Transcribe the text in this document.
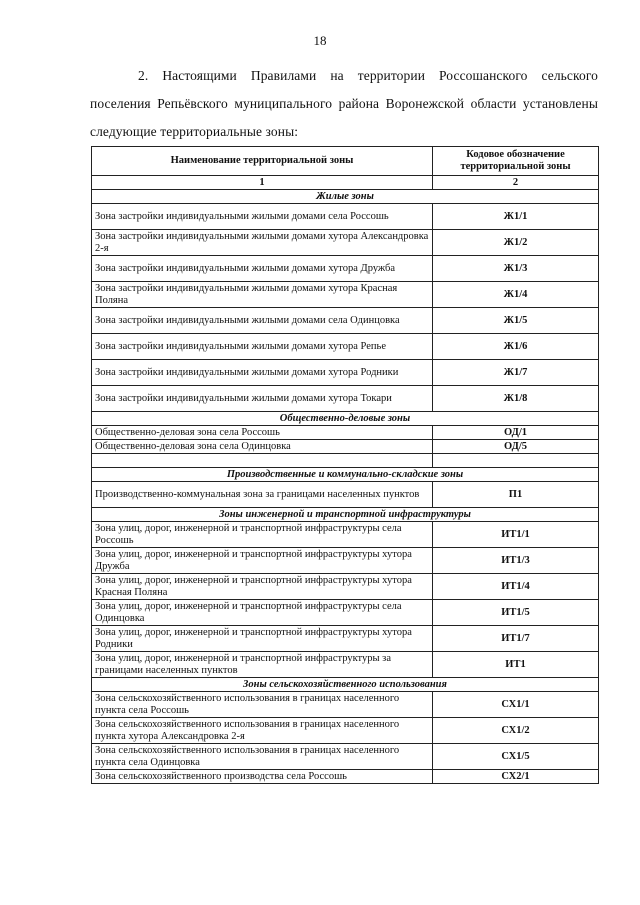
18

2. Настоящими Правилами на территории Россошанского сельского поселения Репьёвского муниципального района Воронежской области установлены следующие территориальные зоны:

Наименование территориальной зоны	Кодовое обозначение территориальной зоны
1	2
Жилые зоны	
Зона застройки индивидуальными жилыми домами села Россошь	Ж1/1
Зона застройки индивидуальными жилыми домами хутора Александровка 2-я	Ж1/2
Зона застройки индивидуальными жилыми домами хутора Дружба	Ж1/3
Зона застройки индивидуальными жилыми домами хутора Красная Поляна	Ж1/4
Зона застройки индивидуальными жилыми домами села Одинцовка	Ж1/5
Зона застройки индивидуальными жилыми домами хутора Репье	Ж1/6
Зона застройки индивидуальными жилыми домами хутора Родники	Ж1/7
Зона застройки индивидуальными жилыми домами хутора Токари	Ж1/8
Общественно-деловые зоны	
Общественно-деловая зона села Россошь	ОД/1
Общественно-деловая зона села Одинцовка	ОД/5

Производственные и коммунально-складские зоны	
Производственно-коммунальная зона за границами населенных пунктов	П1
Зоны инженерной и транспортной инфраструктуры	
Зона улиц, дорог, инженерной и транспортной инфраструктуры села Россошь	ИТ1/1
Зона улиц, дорог, инженерной и транспортной инфраструктуры хутора Дружба	ИТ1/3
Зона улиц, дорог, инженерной и транспортной инфраструктуры хутора Красная Поляна	ИТ1/4
Зона улиц, дорог, инженерной и транспортной инфраструктуры села Одинцовка	ИТ1/5
Зона улиц, дорог, инженерной и транспортной инфраструктуры хутора Родники	ИТ1/7
Зона улиц, дорог, инженерной и транспортной инфраструктуры за границами населенных пунктов	ИТ1
Зоны сельскохозяйственного использования	
Зона сельскохозяйственного использования в границах населенного пункта села Россошь	СХ1/1
Зона сельскохозяйственного использования в границах населенного пункта хутора Александровка 2-я	СХ1/2
Зона сельскохозяйственного использования в границах населенного пункта села Одинцовка	СХ1/5
Зона сельскохозяйственного производства села Россошь	СХ2/1
